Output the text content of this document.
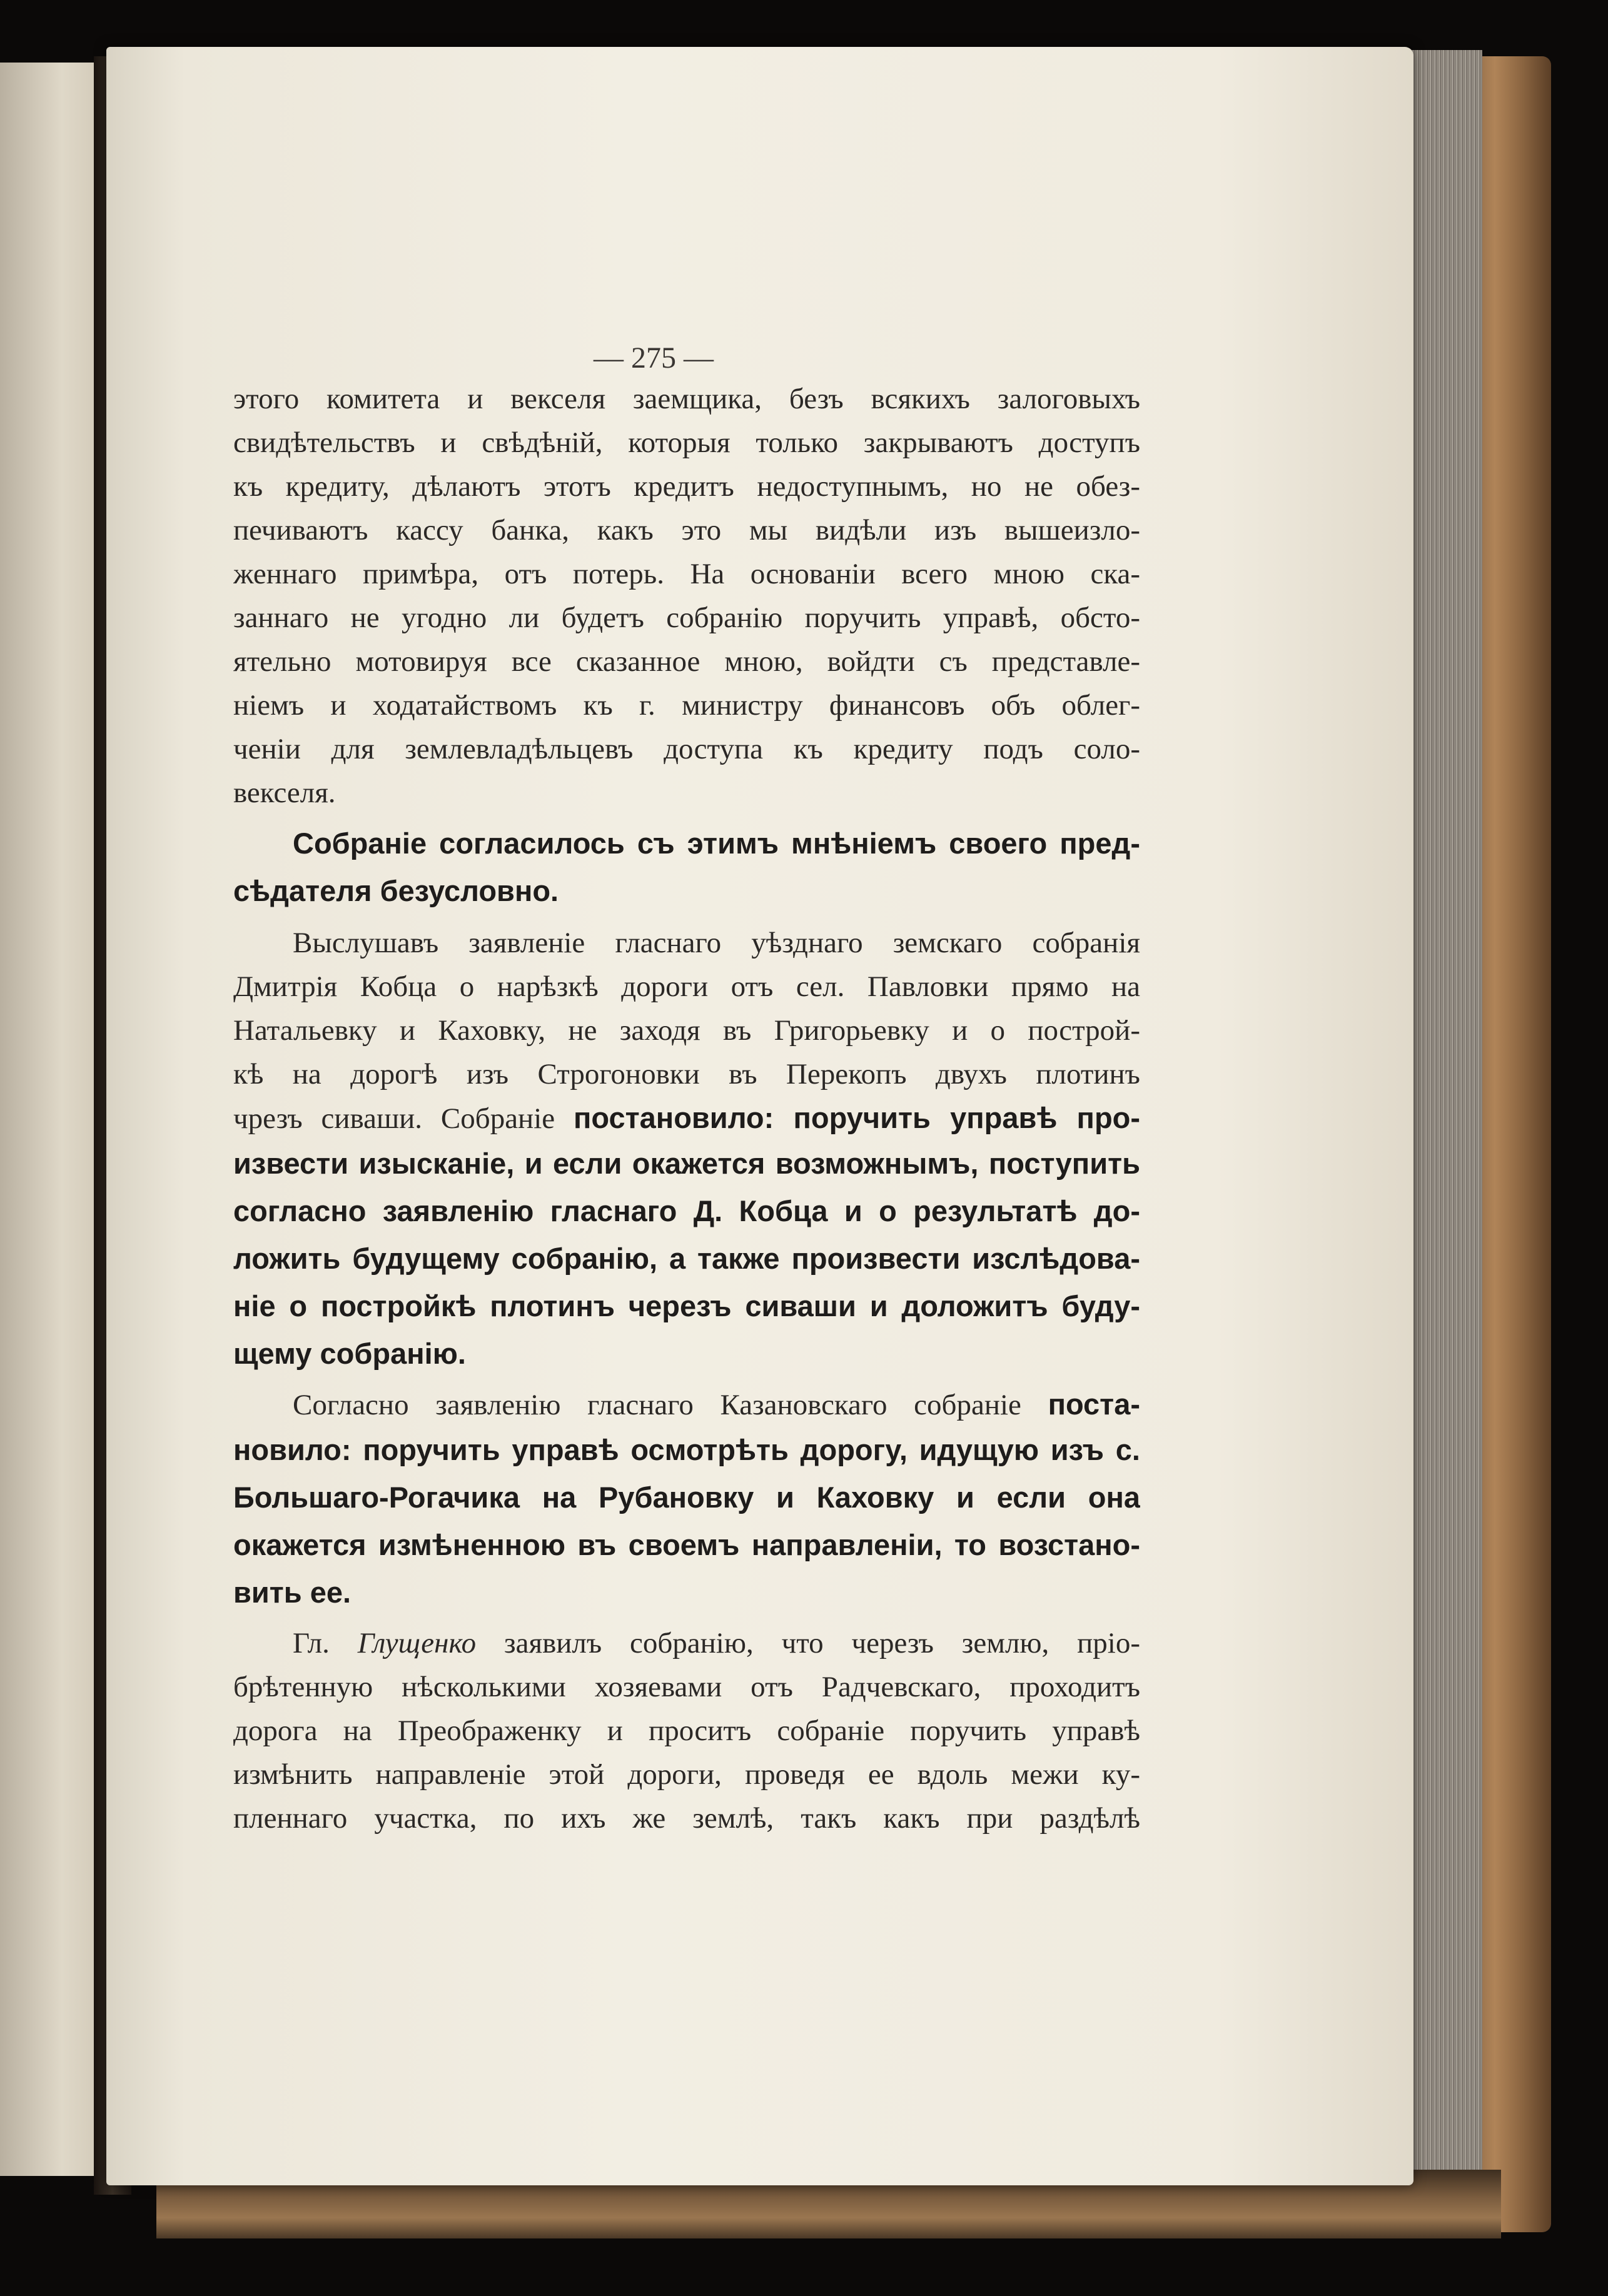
— 275 —
этого комитета и векселя заемщика, безъ всякихъ залоговыхъ
свидѣтельствъ и свѣдѣній, которыя только закрываютъ доступъ
къ кредиту, дѣлаютъ этотъ кредитъ недоступнымъ, но не обез-
печиваютъ кассу банка, какъ это мы видѣли изъ вышеизло-
женнаго примѣра, отъ потерь. На основаніи всего мною ска-
заннаго не угодно ли будетъ собранію поручить управѣ, обсто-
ятельно мотовируя все сказанное мною, войдти съ представле-
ніемъ и ходатайствомъ къ г. министру финансовъ объ облег-
ченіи для землевладѣльцевъ доступа къ кредиту подъ соло-
векселя.
Собраніе согласилось съ этимъ мнѣніемъ своего пред-
сѣдателя безусловно.
Выслушавъ заявленіе гласнаго уѣзднаго земскаго собранія
Дмитрія Кобца о нарѣзкѣ дороги отъ сел. Павловки прямо на
Натальевку и Каховку, не заходя въ Григорьевку и о построй-
кѣ на дорогѣ изъ Строгоновки въ Перекопъ двухъ плотинъ
чрезъ сиваши. Собраніе постановило: поручить управѣ про-
извести изысканіе, и если окажется возможнымъ, поступить
согласно заявленію гласнаго Д. Кобца и о результатѣ до-
ложить будущему собранію, а также произвести изслѣдова-
ніе о постройкѣ плотинъ черезъ сиваши и доложитъ буду-
щему собранію.
Согласно заявленію гласнаго Казановскаго собраніе поста-
новило: поручить управѣ осмотрѣть дорогу, идущую изъ с.
Большаго-Рогачика на Рубановку и Каховку и если она
окажется измѣненною въ своемъ направленіи, то возстано-
вить ее.
Гл. Глущенко заявилъ собранію, что черезъ землю, пріо-
брѣтенную нѣсколькими хозяевами отъ Радчевскаго, проходитъ
дорога на Преображенку и проситъ собраніе поручить управѣ
измѣнить направленіе этой дороги, проведя ее вдоль межи ку-
пленнаго участка, по ихъ же землѣ, такъ какъ при раздѣлѣ
